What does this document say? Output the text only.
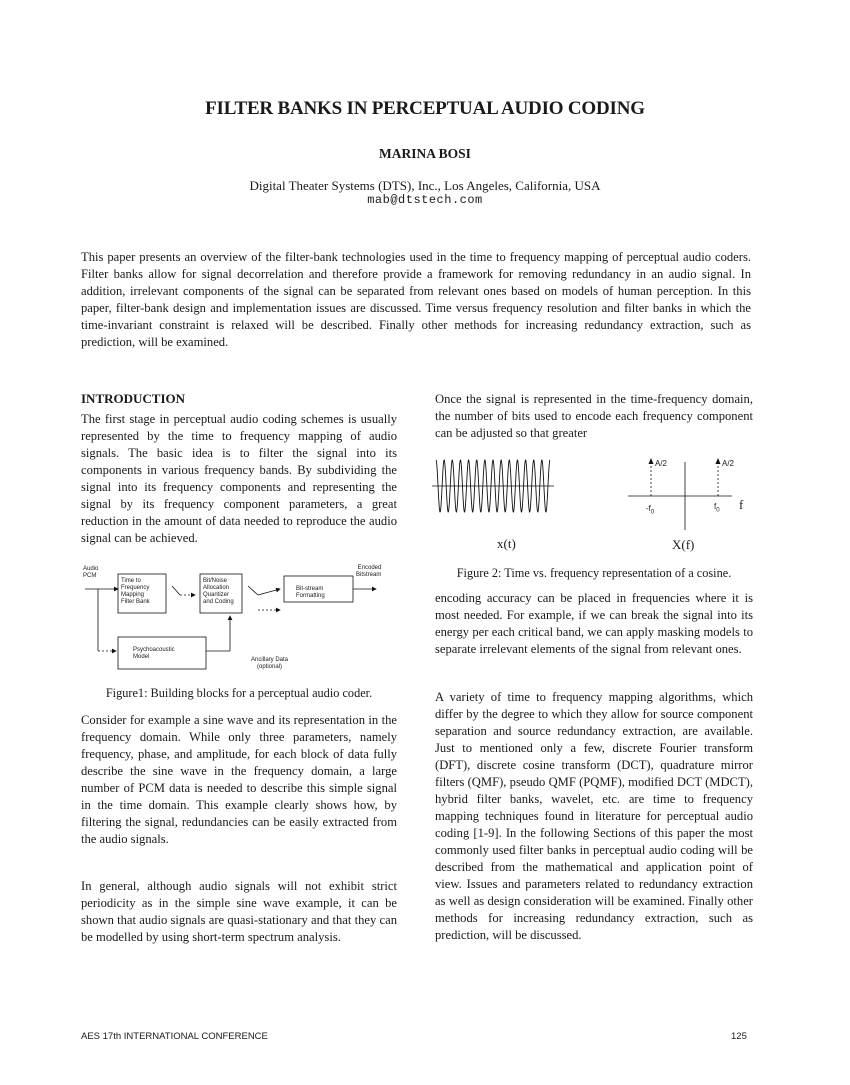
FILTER BANKS IN PERCEPTUAL AUDIO CODING
MARINA BOSI
Digital Theater Systems (DTS), Inc., Los Angeles, California, USA
mab@dtstech.com
This paper presents an overview of the filter-bank technologies used in the time to frequency mapping of perceptual audio coders. Filter banks allow for signal decorrelation and therefore provide a framework for removing redundancy in an audio signal. In addition, irrelevant components of the signal can be separated from relevant ones based on models of human perception. In this paper, filter-bank design and implementation issues are discussed. Time versus frequency resolution and filter banks in which the time-invariant constraint is relaxed will be described. Finally other methods for increasing redundancy extraction, such as prediction, will be examined.
INTRODUCTION
The first stage in perceptual audio coding schemes is usually represented by the time to frequency mapping of audio signals. The basic idea is to filter the signal into its components in various frequency bands. By subdividing the signal into its frequency components and representing the signal by its frequency component parameters, a great reduction in the amount of data needed to reproduce the audio signal can be achieved.
Audio
PCM
Encoded
Bitstream
Time to
Frequency
Mapping
Filter Bank
Bit/Noise
Allocation
Quantizer
and Coding
Bit-stream
Formatting
Psychoacoustic
Model	Ancillary Data
(optional)
Figure1: Building blocks for a perceptual audio coder.
Consider for example a sine wave and its representation in the frequency domain. While only three parameters, namely frequency, phase, and amplitude, for each block of data fully describe the sine wave in the frequency domain, a large number of PCM data is needed to describe this simple signal in the time domain. This example clearly shows how, by filtering the signal, redundancies can be easily extracted from the audio signals.
In general, although audio signals will not exhibit strict periodicity as in the simple sine wave example, it can be shown that audio signals are quasi-stationary and that they can be modelled by using short-term spectrum analysis.
Once the signal is represented in the time-frequency domain, the number of bits used to encode each frequency component can be adjusted so that greater
A/2	A/2
$-f_0$
$f_0$ f
x(t)	X(f)
Figure 2: Time vs. frequency representation of a cosine.
encoding accuracy can be placed in frequencies where it is most needed. For example, if we can break the signal into its energy per each critical band, we can apply masking models to separate irrelevant elements of the signal from relevant ones.
A variety of time to frequency mapping algorithms, which differ by the degree to which they allow for source component separation and source redundancy extraction, are available. Just to mentioned only a few, discrete Fourier transform (DFT), discrete cosine transform (DCT), quadrature mirror filters (QMF), pseudo QMF (PQMF), modified DCT (MDCT), hybrid filter banks, wavelet, etc. are time to frequency mapping techniques found in literature for perceptual audio coding [1-9]. In the following Sections of this paper the most commonly used filter banks in perceptual audio coding will be described from the mathematical and application point of view. Issues and parameters related to redundancy extraction as well as design consideration will be examined. Finally other methods for increasing redundancy extraction, such as prediction, will be discussed.
AES 17th INTERNATIONAL CONFERENCE	125
